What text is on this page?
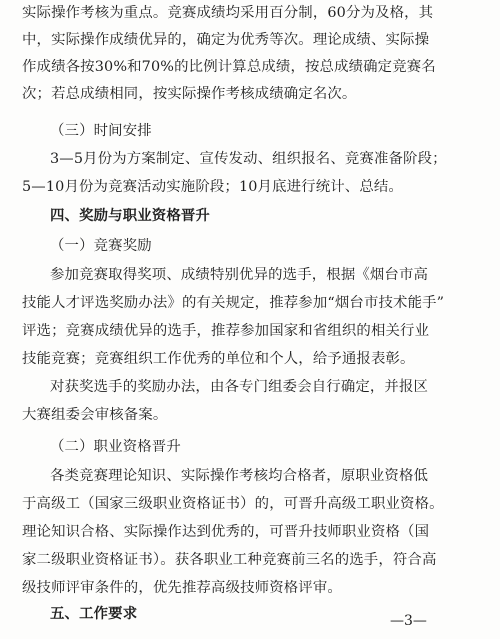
实际操作考核为重点。竞赛成绩均采用百分制，60分为及格，其
中，实际操作成绩优异的，确定为优秀等次。理论成绩、实际操
作成绩各按30%和70%的比例计算总成绩，按总成绩确定竞赛名
次；若总成绩相同，按实际操作考核成绩确定名次。
（三）时间安排
3—5月份为方案制定、宣传发动、组织报名、竞赛准备阶段；
5—10月份为竞赛活动实施阶段；10月底进行统计、总结。
四、奖励与职业资格晋升
（一）竞赛奖励
参加竞赛取得奖项、成绩特别优异的选手，根据《烟台市高
技能人才评选奖励办法》的有关规定，推荐参加“烟台市技术能手”
评选；竞赛成绩优异的选手，推荐参加国家和省组织的相关行业
技能竞赛；竞赛组织工作优秀的单位和个人，给予通报表彰。
对获奖选手的奖励办法，由各专门组委会自行确定，并报区
大赛组委会审核备案。
（二）职业资格晋升
各类竞赛理论知识、实际操作考核均合格者，原职业资格低
于高级工（国家三级职业资格证书）的，可晋升高级工职业资格。
理论知识合格、实际操作达到优秀的，可晋升技师职业资格（国
家二级职业资格证书）。获各职业工种竞赛前三名的选手，符合高
级技师评审条件的，优先推荐高级技师资格评审。
五、工作要求	—3—
